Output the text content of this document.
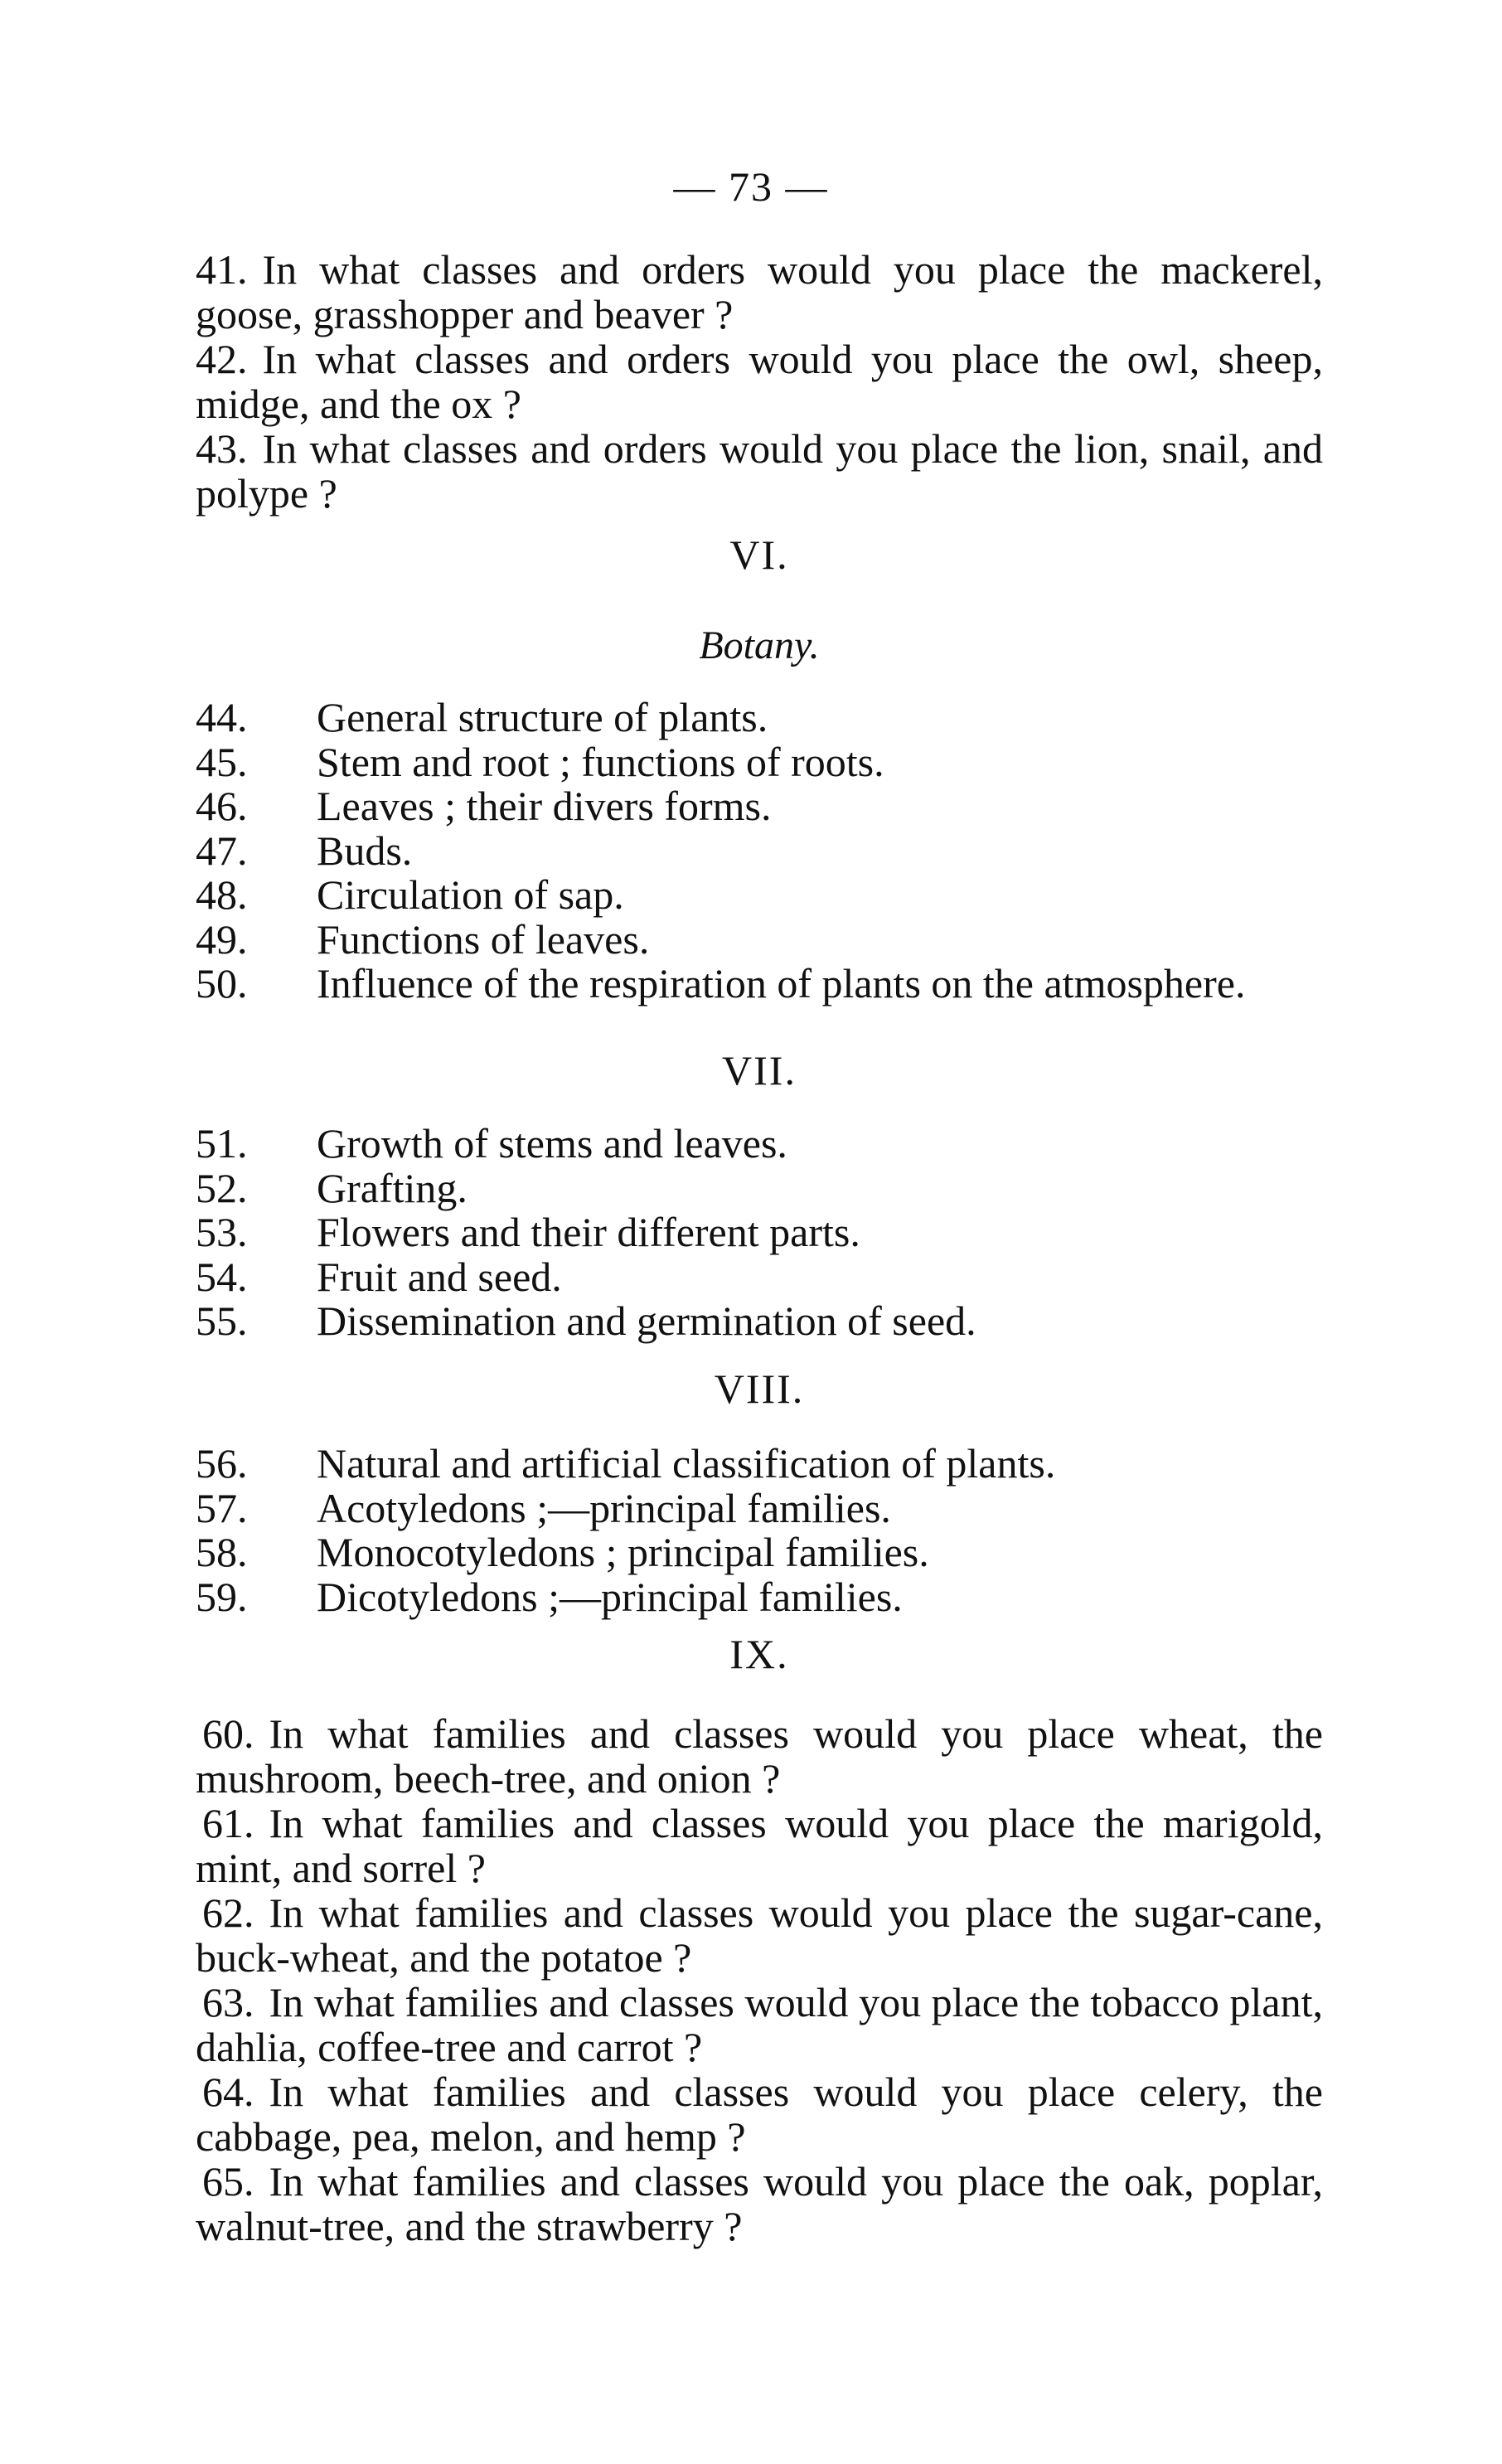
— 73 —

41. In what classes and orders would you place the mackerel, goose, grasshopper and beaver ?

42. In what classes and orders would you place the owl, sheep, midge, and the ox ?

43. In what classes and orders would you place the lion, snail, and polype ?

VI.
Botany.

44. General structure of plants.

45. Stem and root ; functions of roots.

46. Leaves ; their divers forms.

47. Buds.

48. Circulation of sap.

49. Functions of leaves.

50. Influence of the respiration of plants on the atmosphere.

VII.

51. Growth of stems and leaves.

52. Grafting.

53. Flowers and their different parts.

54. Fruit and seed.

55. Dissemination and germination of seed.

VIII.

56. Natural and artificial classification of plants.

57. Acotyledons ;—principal families.

58. Monocotyledons ; principal families.

59. Dicotyledons ;—principal families.

IX.

60. In what families and classes would you place wheat, the mushroom, beech-tree, and onion ?

61. In what families and classes would you place the marigold, mint, and sorrel ?

62. In what families and classes would you place the sugar-cane, buck-wheat, and the potatoe ?

63. In what families and classes would you place the tobacco plant, dahlia, coffee-tree and carrot ?

64. In what families and classes would you place celery, the cabbage, pea, melon, and hemp ?

65. In what families and classes would you place the oak, poplar, walnut-tree, and the strawberry ?
